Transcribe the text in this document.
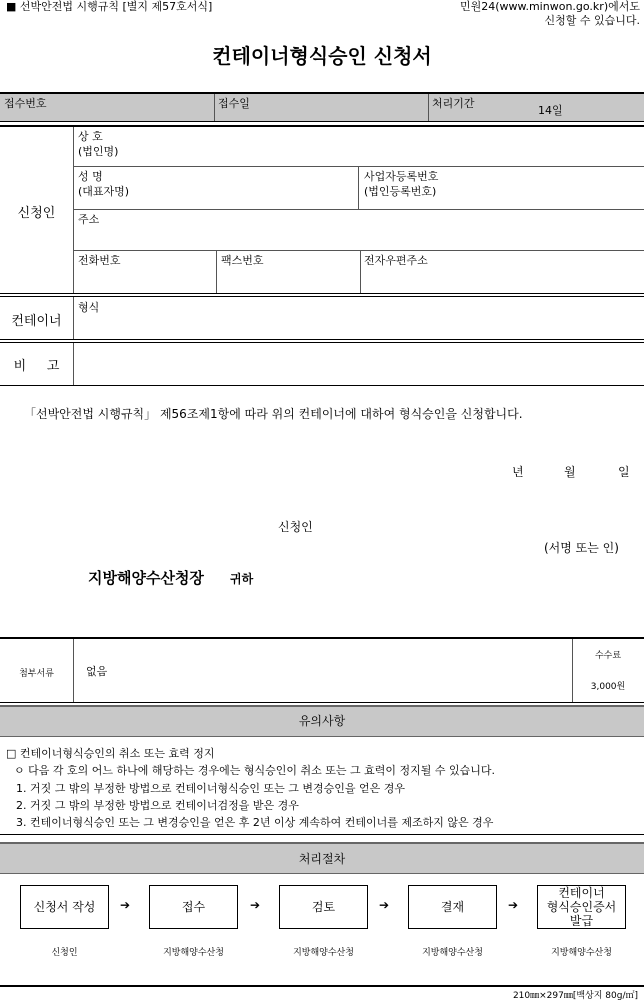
■ 선박안전법 시행규칙 [별지 제57호서식]	민원24(www.minwon.go.kr)에서도
신청할 수 있습니다.
컨테이너형식승인 신청서
접수번호	접수일	처리기간
14일
신청인
상 호
(법인명)
성 명
(대표자명)
사업자등록번호
(법인등록번호)
주소
전화번호	팩스번호	전자우편주소
컨테이너
형식
비     고
「선박안전법 시행규칙」 제56조제1항에 따라 위의 컨테이너에 대하여 형식승인을 신청합니다.
년	월	일
신청인
(서명 또는 인)
지방해양수산청장 귀하
첨부서류	없음
수수료
3,000원
유의사항
□ 컨테이너형식승인의 취소 또는 효력 정지
ㅇ 다음 각 호의 어느 하나에 해당하는 경우에는 형식승인이 취소 또는 그 효력이 정지될 수 있습니다.
1. 거짓 그 밖의 부정한 방법으로 컨테이너형식승인 또는 그 변경승인을 얻은 경우
2. 거짓 그 밖의 부정한 방법으로 컨테이너검정을 받은 경우
3. 컨테이너형식승인 또는 그 변경승인을 얻은 후 2년 이상 계속하여 컨테이너를 제조하지 않은 경우
처리절차
신청서 작성	➔	접수	➔	검토	➔	결재	➔
컨테이너
형식승인증서
발급
신청인	지방해양수산청	지방해양수산청	지방해양수산청	지방해양수산청
210㎜×297㎜[백상지 80g/㎡]
